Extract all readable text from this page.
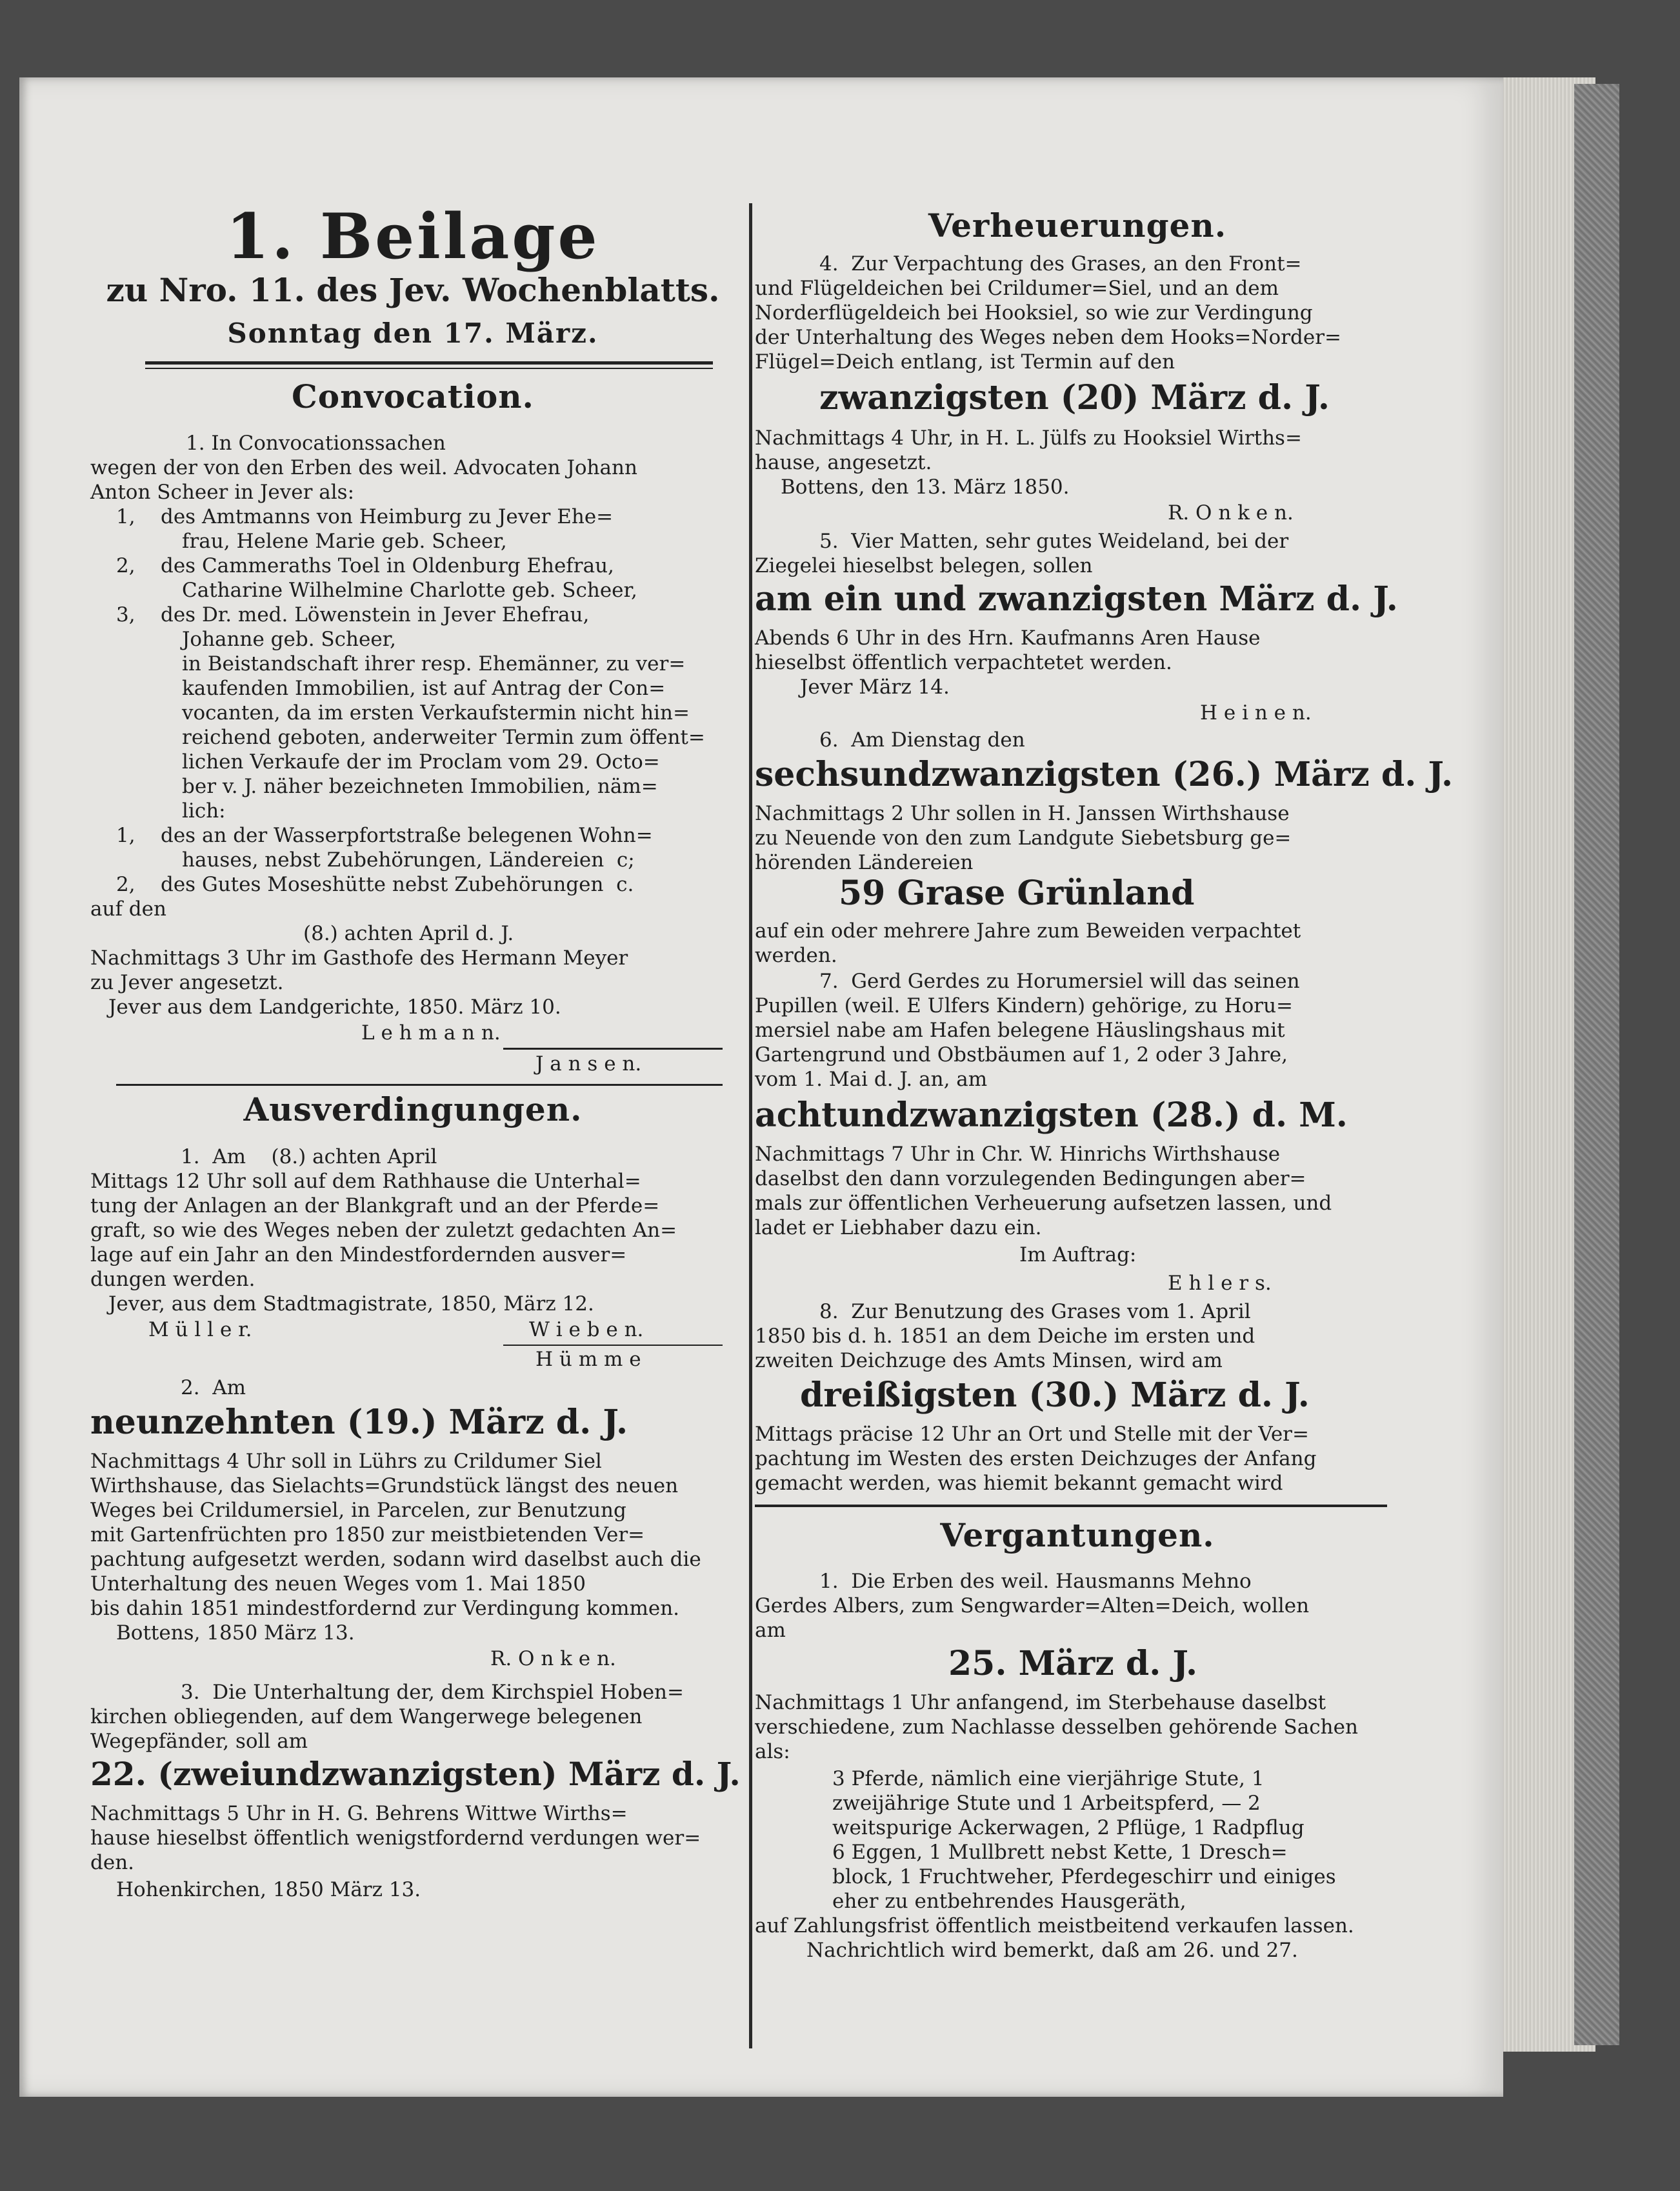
1. Beilage
zu Nro. 11. des Jev. Wochenblatts.
Sonntag den 17. März.
Convocation.
1. In Convocationssachen
wegen der von den Erben des weil. Advocaten Johann
Anton Scheer in Jever als:
1,    des Amtmanns von Heimburg zu Jever Ehe=
frau, Helene Marie geb. Scheer,
2,    des Cammeraths Toel in Oldenburg Ehefrau,
Catharine Wilhelmine Charlotte geb. Scheer,
3,    des Dr. med. Löwenstein in Jever Ehefrau,
Johanne geb. Scheer,
in Beistandschaft ihrer resp. Ehemänner, zu ver=
kaufenden Immobilien, ist auf Antrag der Con=
vocanten, da im ersten Verkaufstermin nicht hin=
reichend geboten, anderweiter Termin zum öffent=
lichen Verkaufe der im Proclam vom 29. Octo=
ber v. J. näher bezeichneten Immobilien, näm=
lich:
1,    des an der Wasserpfortstraße belegenen Wohn=
hauses, nebst Zubehörungen, Ländereien  c;
2,    des Gutes Moseshütte nebst Zubehörungen  c.
auf den
(8.) achten April d. J.
Nachmittags 3 Uhr im Gasthofe des Hermann Meyer
zu Jever angesetzt.
Jever aus dem Landgerichte, 1850. März 10.
L e h m a n n.
J a n s e n.
Ausverdingungen.
1.  Am    (8.) achten April
Mittags 12 Uhr soll auf dem Rathhause die Unterhal=
tung der Anlagen an der Blankgraft und an der Pferde=
graft, so wie des Weges neben der zuletzt gedachten An=
lage auf ein Jahr an den Mindestfordernden ausver=
dungen werden.
Jever, aus dem Stadtmagistrate, 1850, März 12.
M ü l l e r.	W i e b e n.
H ü m m e
2.  Am
neunzehnten (19.) März d. J.
Nachmittags 4 Uhr soll in Lührs zu Crildumer Siel
Wirthshause, das Sielachts=Grundstück längst des neuen
Weges bei Crildumersiel, in Parcelen, zur Benutzung
mit Gartenfrüchten pro 1850 zur meistbietenden Ver=
pachtung aufgesetzt werden, sodann wird daselbst auch die
Unterhaltung des neuen Weges vom 1. Mai 1850
bis dahin 1851 mindestfordernd zur Verdingung kommen.
Bottens, 1850 März 13.
R. O n k e n.
3.  Die Unterhaltung der, dem Kirchspiel Hoben=
kirchen obliegenden, auf dem Wangerwege belegenen
Wegepfänder, soll am
22. (zweiundzwanzigsten) März d. J.
Nachmittags 5 Uhr in H. G. Behrens Wittwe Wirths=
hause hieselbst öffentlich wenigstfordernd verdungen wer=
den.
Hohenkirchen, 1850 März 13.
Verheuerungen.
4.  Zur Verpachtung des Grases, an den Front=
und Flügeldeichen bei Crildumer=Siel, und an dem
Norderflügeldeich bei Hooksiel, so wie zur Verdingung
der Unterhaltung des Weges neben dem Hooks=Norder=
Flügel=Deich entlang, ist Termin auf den
zwanzigsten (20) März d. J.
Nachmittags 4 Uhr, in H. L. Jülfs zu Hooksiel Wirths=
hause, angesetzt.
Bottens, den 13. März 1850.
R. O n k e n.
5.  Vier Matten, sehr gutes Weideland, bei der
Ziegelei hieselbst belegen, sollen
am ein und zwanzigsten März d. J.
Abends 6 Uhr in des Hrn. Kaufmanns Aren Hause
hieselbst öffentlich verpachtetet werden.
Jever März 14.
H e i n e n.
6.  Am Dienstag den
sechsundzwanzigsten (26.) März d. J.
Nachmittags 2 Uhr sollen in H. Janssen Wirthshause
zu Neuende von den zum Landgute Siebetsburg ge=
hörenden Ländereien
59 Grase Grünland
auf ein oder mehrere Jahre zum Beweiden verpachtet
werden.
7.  Gerd Gerdes zu Horumersiel will das seinen
Pupillen (weil. E Ulfers Kindern) gehörige, zu Horu=
mersiel nabe am Hafen belegene Häuslingshaus mit
Gartengrund und Obstbäumen auf 1, 2 oder 3 Jahre,
vom 1. Mai d. J. an, am
achtundzwanzigsten (28.) d. M.
Nachmittags 7 Uhr in Chr. W. Hinrichs Wirthshause
daselbst den dann vorzulegenden Bedingungen aber=
mals zur öffentlichen Verheuerung aufsetzen lassen, und
ladet er Liebhaber dazu ein.
Im Auftrag:
E h l e r s.
8.  Zur Benutzung des Grases vom 1. April
1850 bis d. h. 1851 an dem Deiche im ersten und
zweiten Deichzuge des Amts Minsen, wird am
dreißigsten (30.) März d. J.
Mittags präcise 12 Uhr an Ort und Stelle mit der Ver=
pachtung im Westen des ersten Deichzuges der Anfang
gemacht werden, was hiemit bekannt gemacht wird
Vergantungen.
1.  Die Erben des weil. Hausmanns Mehno
Gerdes Albers, zum Sengwarder=Alten=Deich, wollen
am
25. März d. J.
Nachmittags 1 Uhr anfangend, im Sterbehause daselbst
verschiedene, zum Nachlasse desselben gehörende Sachen
als:
3 Pferde, nämlich eine vierjährige Stute, 1
zweijährige Stute und 1 Arbeitspferd, — 2
weitspurige Ackerwagen, 2 Pflüge, 1 Radpflug
6 Eggen, 1 Mullbrett nebst Kette, 1 Dresch=
block, 1 Fruchtweher, Pferdegeschirr und einiges
eher zu entbehrendes Hausgeräth,
auf Zahlungsfrist öffentlich meistbeitend verkaufen lassen.
Nachrichtlich wird bemerkt, daß am 26. und 27.
